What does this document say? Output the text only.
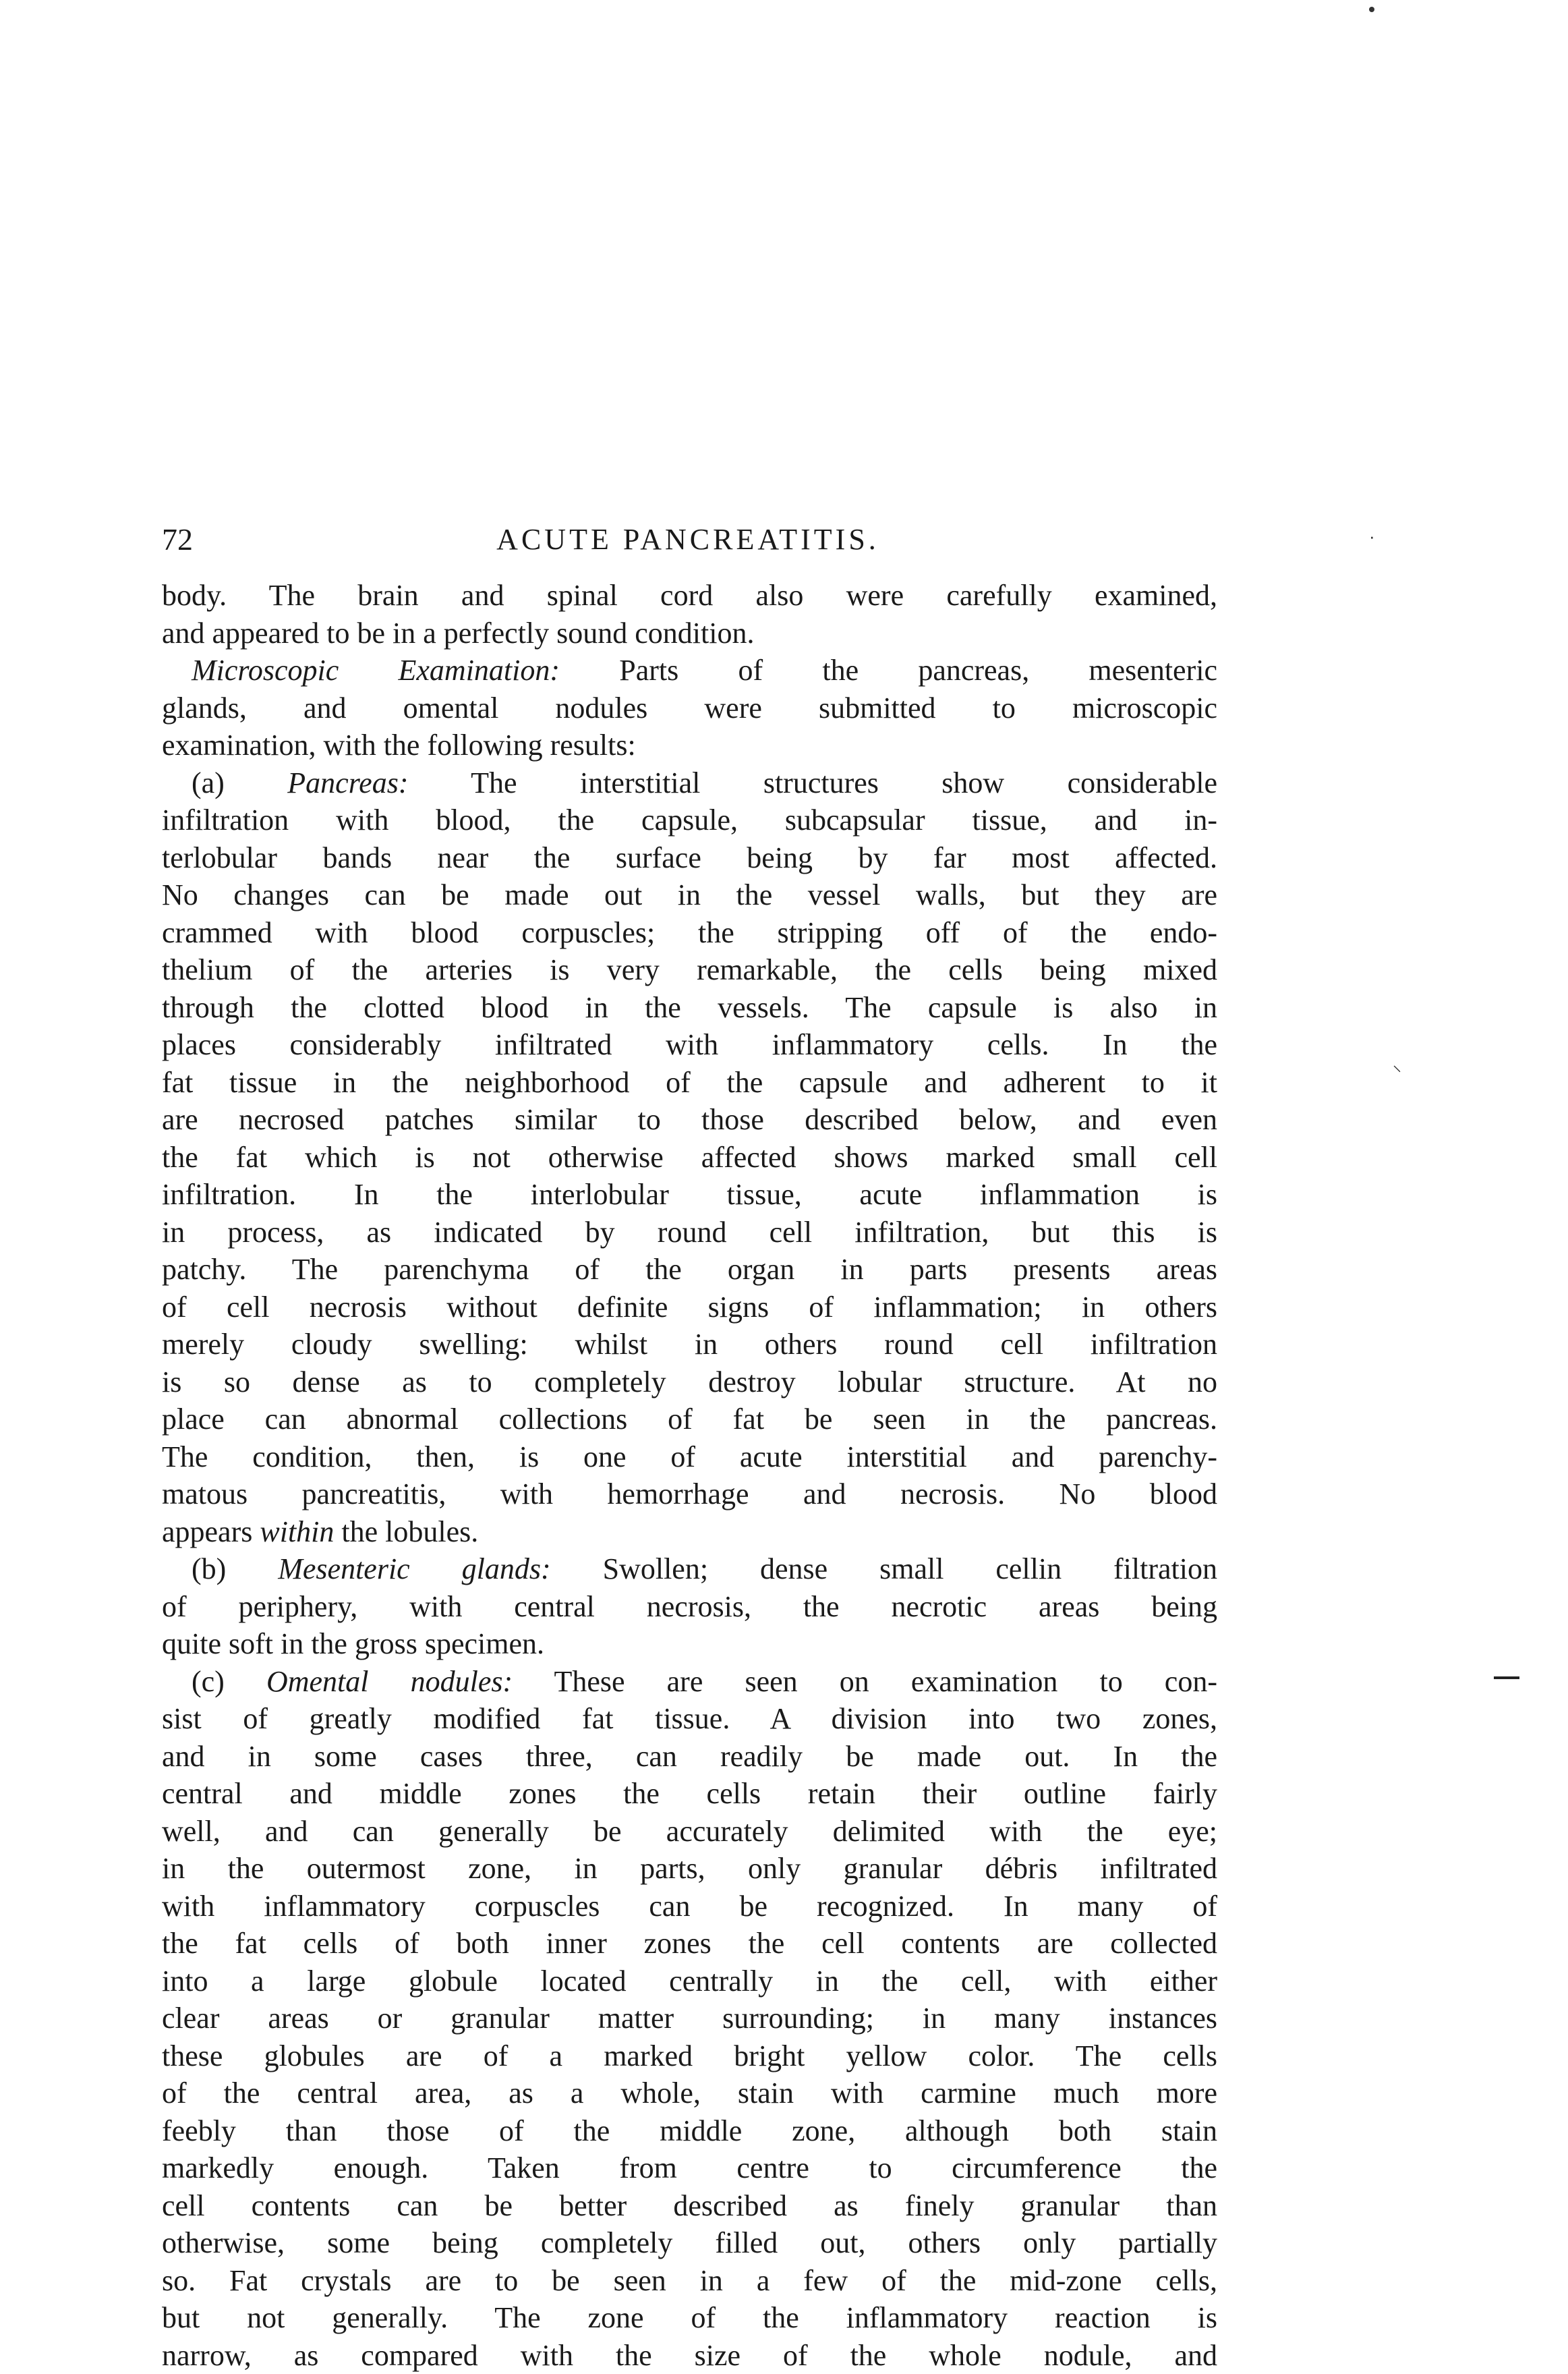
·
⸌
72	ACUTE PANCREATITIS.
body. The brain and spinal cord also were carefully examined,
and appeared to be in a perfectly sound condition.
Microscopic Examination: Parts of the pancreas, mesenteric
glands, and omental nodules were submitted to microscopic
examination, with the following results:
(a) Pancreas: The interstitial structures show considerable
infiltration with blood, the capsule, subcapsular tissue, and in-
terlobular bands near the surface being by far most affected.
No changes can be made out in the vessel walls, but they are
crammed with blood corpuscles; the stripping off of the endo-
thelium of the arteries is very remarkable, the cells being mixed
through the clotted blood in the vessels. The capsule is also in
places considerably infiltrated with inflammatory cells. In the
fat tissue in the neighborhood of the capsule and adherent to it
are necrosed patches similar to those described below, and even
the fat which is not otherwise affected shows marked small cell
infiltration. In the interlobular tissue, acute inflammation is
in process, as indicated by round cell infiltration, but this is
patchy. The parenchyma of the organ in parts presents areas
of cell necrosis without definite signs of inflammation; in others
merely cloudy swelling: whilst in others round cell infiltration
is so dense as to completely destroy lobular structure. At no
place can abnormal collections of fat be seen in the pancreas.
The condition, then, is one of acute interstitial and parenchy-
matous pancreatitis, with hemorrhage and necrosis. No blood
appears within the lobules.
(b) Mesenteric glands: Swollen; dense small cellin filtration
of periphery, with central necrosis, the necrotic areas being
quite soft in the gross specimen.
(c) Omental nodules: These are seen on examination to con-
sist of greatly modified fat tissue. A division into two zones,
and in some cases three, can readily be made out. In the
central and middle zones the cells retain their outline fairly
well, and can generally be accurately delimited with the eye;
in the outermost zone, in parts, only granular débris infiltrated
with inflammatory corpuscles can be recognized. In many of
the fat cells of both inner zones the cell contents are collected
into a large globule located centrally in the cell, with either
clear areas or granular matter surrounding; in many instances
these globules are of a marked bright yellow color. The cells
of the central area, as a whole, stain with carmine much more
feebly than those of the middle zone, although both stain
markedly enough. Taken from centre to circumference the
cell contents can be better described as finely granular than
otherwise, some being completely filled out, others only partially
so. Fat crystals are to be seen in a few of the mid-zone cells,
but not generally. The zone of the inflammatory reaction is
narrow, as compared with the size of the whole nodule, and
